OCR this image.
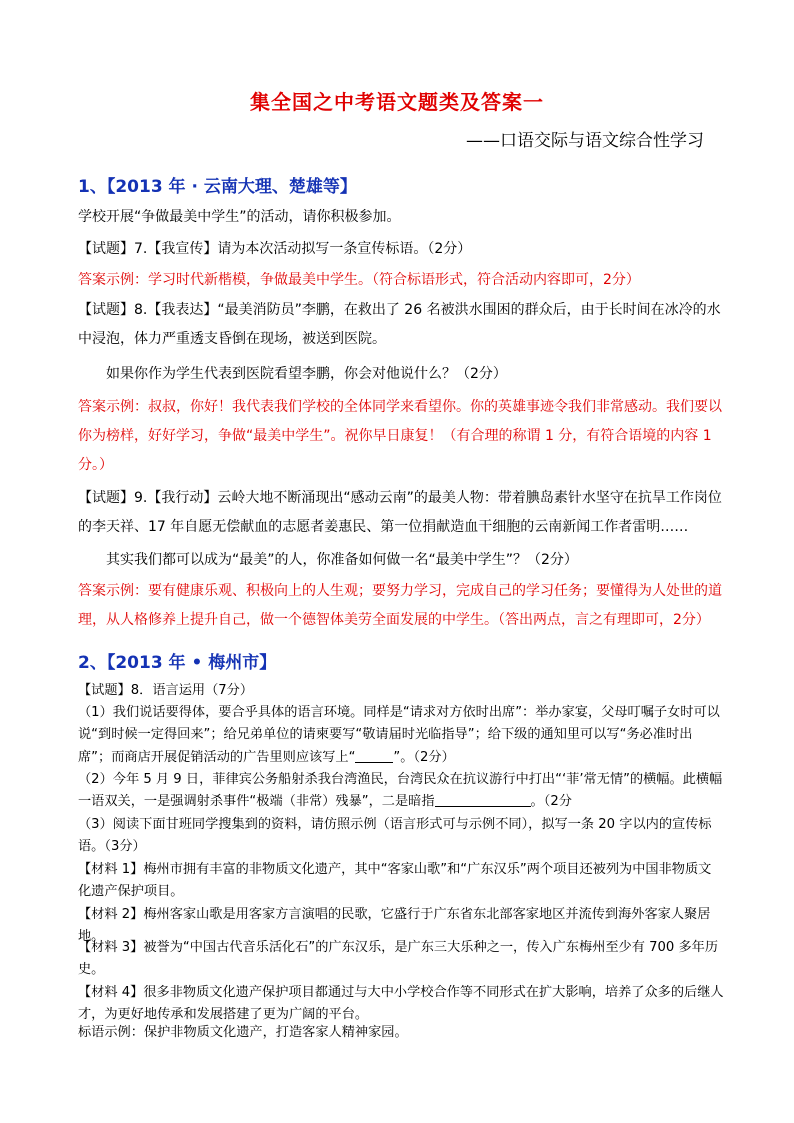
集全国之中考语文题类及答案一
——口语交际与语文综合性学习
1、【2013 年 · 云南大理、楚雄等】
学校开展“争做最美中学生”的活动，请你积极参加。
【试题】7.【我宣传】请为本次活动拟写一条宣传标语。（2分）
答案示例：学习时代新楷模，争做最美中学生。（符合标语形式，符合活动内容即可，2分）
【试题】8.【我表达】“最美消防员”李鹏，在救出了 26 名被洪水围困的群众后，由于长时间在冰冷的水中浸泡，体力严重透支昏倒在现场，被送到医院。
如果你作为学生代表到医院看望李鹏，你会对他说什么？（2分）
答案示例：叔叔，你好！我代表我们学校的全体同学来看望你。你的英雄事迹令我们非常感动。我们要以你为榜样，好好学习，争做“最美中学生”。祝你早日康复！（有合理的称谓 1 分，有符合语境的内容 1 分。）
【试题】9.【我行动】云岭大地不断涌现出“感动云南”的最美人物：带着腆岛素针水坚守在抗旱工作岗位的李天祥、17 年自愿无偿献血的志愿者姜惠民、第一位捐献造血干细胞的云南新闻工作者雷明……
其实我们都可以成为“最美”的人，你准备如何做一名“最美中学生”？（2分）
答案示例：要有健康乐观、积极向上的人生观；要努力学习，完成自己的学习任务；要懂得为人处世的道理，从人格修养上提升自己，做一个德智体美劳全面发展的中学生。（答出两点，言之有理即可，2分）
2、【2013 年 • 梅州市】
【试题】8．语言运用（7分）
（1）我们说话要得体，要合乎具体的语言环境。同样是“请求对方依时出席”：举办家宴，父母叮嘱子女时可以说“到时候一定得回来”；给兄弟单位的请柬要写“敬请届时光临指导”；给下级的通知里可以写“务必准时出席”；而商店开展促销活动的广告里则应该写上“	”。（2分）
（2）今年 5 月 9 日，菲律宾公务船射杀我台湾渔民，台湾民众在抗议游行中打出“‘菲’常无情”的横幅。此横幅一语双关，一是强调射杀事件“极端（非常）残暴”，二是暗指	。（2分
（3）阅读下面甘班同学搜集到的资料，请仿照示例（语言形式可与示例不同），拟写一条 20 字以内的宣传标语。（3分）
【材料 1】梅州市拥有丰富的非物质文化遗产，其中“客家山歌”和“广东汉乐”两个项目还被列为中国非物质文化遗产保护项目。
【材料 2】梅州客家山歌是用客家方言演唱的民歌，它盛行于广东省东北部客家地区并流传到海外客家人聚居地。
【材料 3】被誉为“中国古代音乐活化石”的广东汉乐，是广东三大乐种之一，传入广东梅州至少有 700 多年历史。
【材料 4】很多非物质文化遗产保护项目都通过与大中小学校合作等不同形式在扩大影响，培养了众多的后继人才，为更好地传承和发展搭建了更为广阔的平台。
标语示例：保护非物质文化遗产，打造客家人精神家园。
